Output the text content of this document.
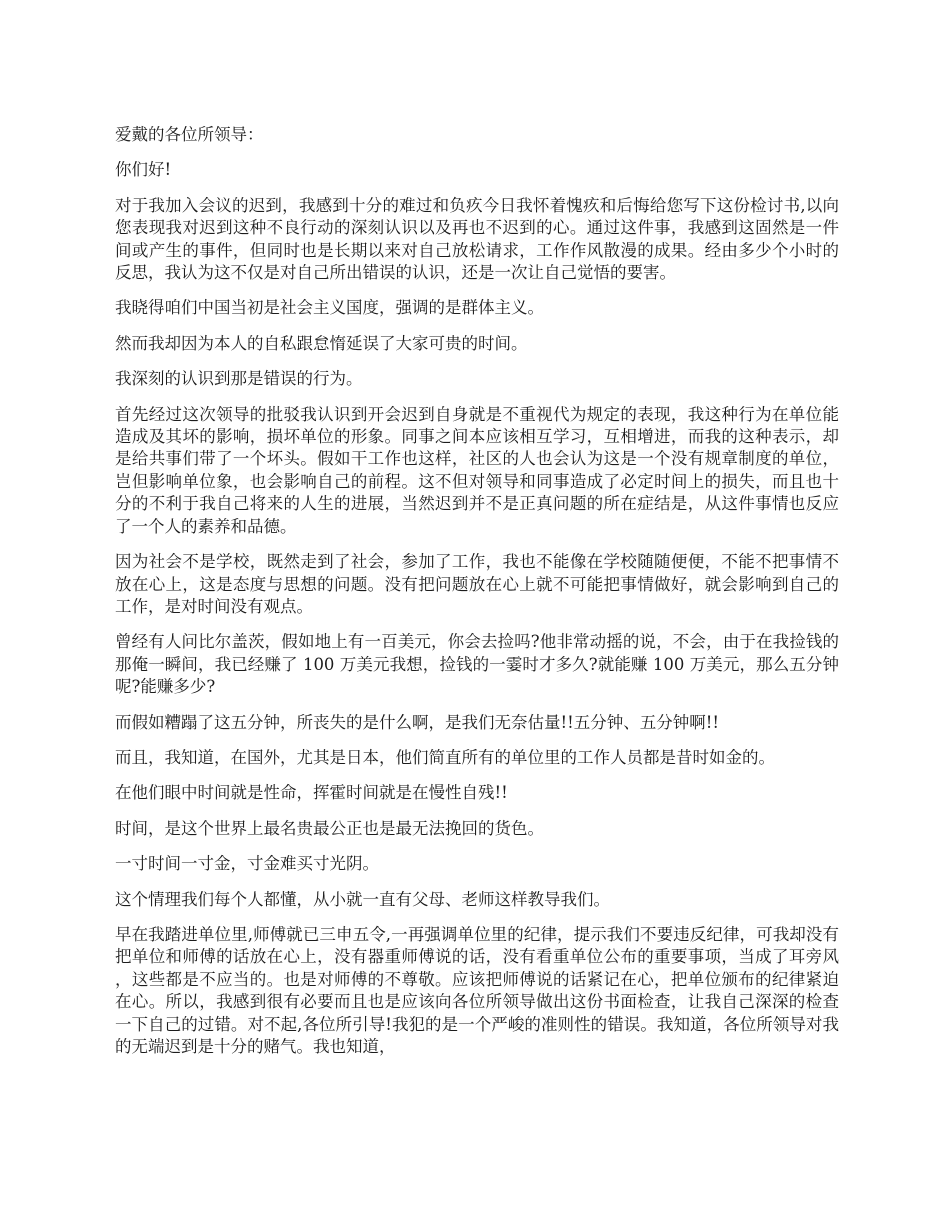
爱戴的各位所领导：

你们好!

对于我加入会议的迟到，我感到十分的难过和负疚今日我怀着愧疚和后悔给您写下这份检讨书,以向您表现我对迟到这种不良行动的深刻认识以及再也不迟到的心。通过这件事，我感到这固然是一件间或产生的事件，但同时也是长期以来对自己放松请求，工作作风散漫的成果。经由多少个小时的反思，我认为这不仅是对自己所出错误的认识，还是一次让自己觉悟的要害。

我晓得咱们中国当初是社会主义国度，强调的是群体主义。

然而我却因为本人的自私跟怠惰延误了大家可贵的时间。

我深刻的认识到那是错误的行为。

首先经过这次领导的批驳我认识到开会迟到自身就是不重视代为规定的表现，我这种行为在单位能造成及其坏的影响，损坏单位的形象。同事之间本应该相互学习，互相增进，而我的这种表示，却是给共事们带了一个坏头。假如干工作也这样，社区的人也会认为这是一个没有规章制度的单位，岂但影响单位象，也会影响自己的前程。这不但对领导和同事造成了必定时间上的损失，而且也十分的不利于我自己将来的人生的进展，当然迟到并不是正真问题的所在症结是，从这件事情也反应了一个人的素养和品德。

因为社会不是学校，既然走到了社会，参加了工作，我也不能像在学校随随便便，不能不把事情不放在心上，这是态度与思想的问题。没有把问题放在心上就不可能把事情做好，就会影响到自己的工作，是对时间没有观点。

曾经有人问比尔盖茨，假如地上有一百美元，你会去捡吗?他非常动摇的说，不会，由于在我捡钱的那俺一瞬间，我已经赚了 100 万美元我想，捡钱的一霎时才多久?就能赚 100 万美元，那么五分钟呢?能赚多少?

而假如糟蹋了这五分钟，所丧失的是什么啊，是我们无奈估量!!五分钟、五分钟啊!!

而且，我知道，在国外，尤其是日本，他们简直所有的单位里的工作人员都是昔时如金的。

在他们眼中时间就是性命，挥霍时间就是在慢性自残!!

时间，是这个世界上最名贵最公正也是最无法挽回的货色。

一寸时间一寸金，寸金难买寸光阴。

这个情理我们每个人都懂，从小就一直有父母、老师这样教导我们。

早在我踏进单位里,师傅就已三申五令,一再强调单位里的纪律，提示我们不要违反纪律，可我却没有把单位和师傅的话放在心上，没有器重师傅说的话，没有看重单位公布的重要事项，当成了耳旁风，这些都是不应当的。也是对师傅的不尊敬。应该把师傅说的话紧记在心，把单位颁布的纪律紧迫在心。所以，我感到很有必要而且也是应该向各位所领导做出这份书面检查，让我自己深深的检查一下自己的过错。对不起,各位所引导!我犯的是一个严峻的准则性的错误。我知道，各位所领导对我的无端迟到是十分的赌气。我也知道，
